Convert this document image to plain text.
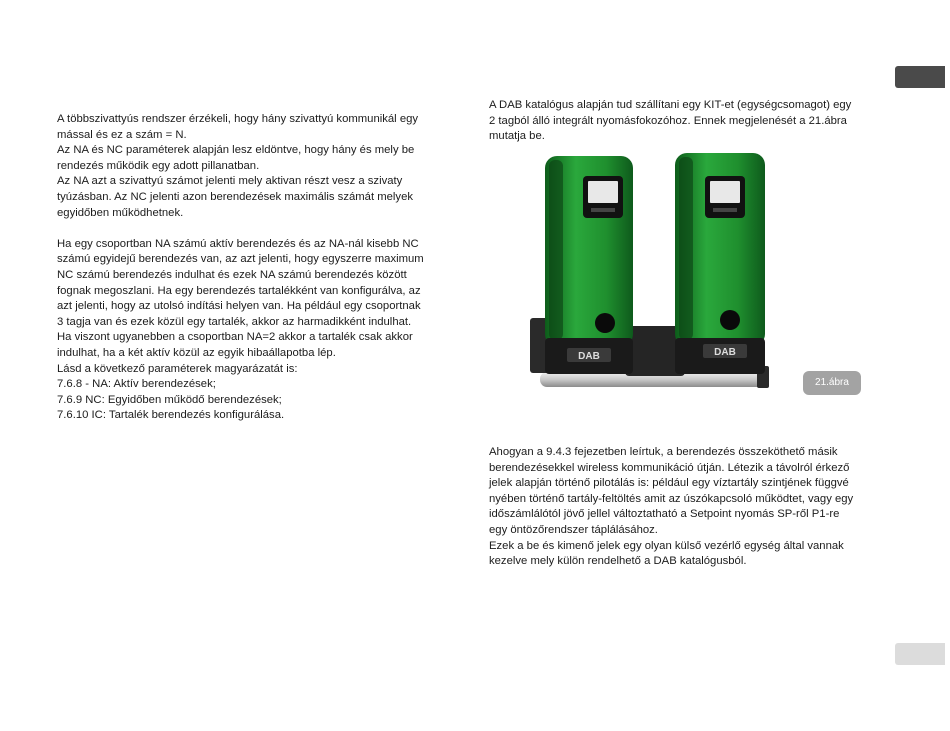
A többszivattyús rendszer érzékeli, hogy hány szivattyú kommunikál egy
mással és ez a szám = N.
Az NA és NC paraméterek alapján lesz eldöntve, hogy hány és mely be
rendezés működik egy adott pillanatban.
Az NA azt a szivattyú számot jelenti mely aktivan részt vesz a szivaty
tyúzásban. Az NC jelenti azon berendezések maximális számát melyek
egyidőben működhetnek.

Ha egy csoportban NA számú aktív berendezés és az NA-nál kisebb NC
számú egyidejű berendezés van, az azt jelenti, hogy egyszerre maximum
NC számú berendezés indulhat és ezek NA számú berendezés között
fognak megoszlani. Ha egy berendezés tartalékként van konfigurálva, az
azt jelenti, hogy az utolsó indítási helyen van. Ha például egy csoportnak
3 tagja van és ezek közül egy tartalék, akkor az harmadikként indulhat.
Ha viszont ugyanebben a csoportban NA=2 akkor a tartalék csak akkor
indulhat, ha a két aktív közül az egyik hibaállapotba lép.
Lásd a következő paraméterek magyarázatát is:
7.6.8 - NA: Aktív berendezések;
7.6.9 NC: Egyidőben működő berendezések;
7.6.10 IC: Tartalék berendezés konfigurálása.

A DAB katalógus alapján tud szállítani egy KIT-et (egységcsomagot) egy
2 tagból álló integrált nyomásfokozóhoz. Ennek megjelenését a 21.ábra
mutatja be.

DAB	DAB
21.ábra

Ahogyan a 9.4.3 fejezetben leírtuk, a berendezés összeköthető másik
berendezésekkel wireless kommunikáció útján. Létezik a távolról érkező
jelek alapján történő pilotálás is: például egy víztartály szintjének függvé
nyében történő tartály-feltöltés amit az úszókapcsoló működtet, vagy egy
időszámlálótól jövő jellel változtatható a Setpoint nyomás SP-ről P1-re
egy öntözőrendszer táplálásához.
Ezek a be és kimenő jelek egy olyan külső vezérlő egység által vannak
kezelve mely külön rendelhető a DAB katalógusból.
